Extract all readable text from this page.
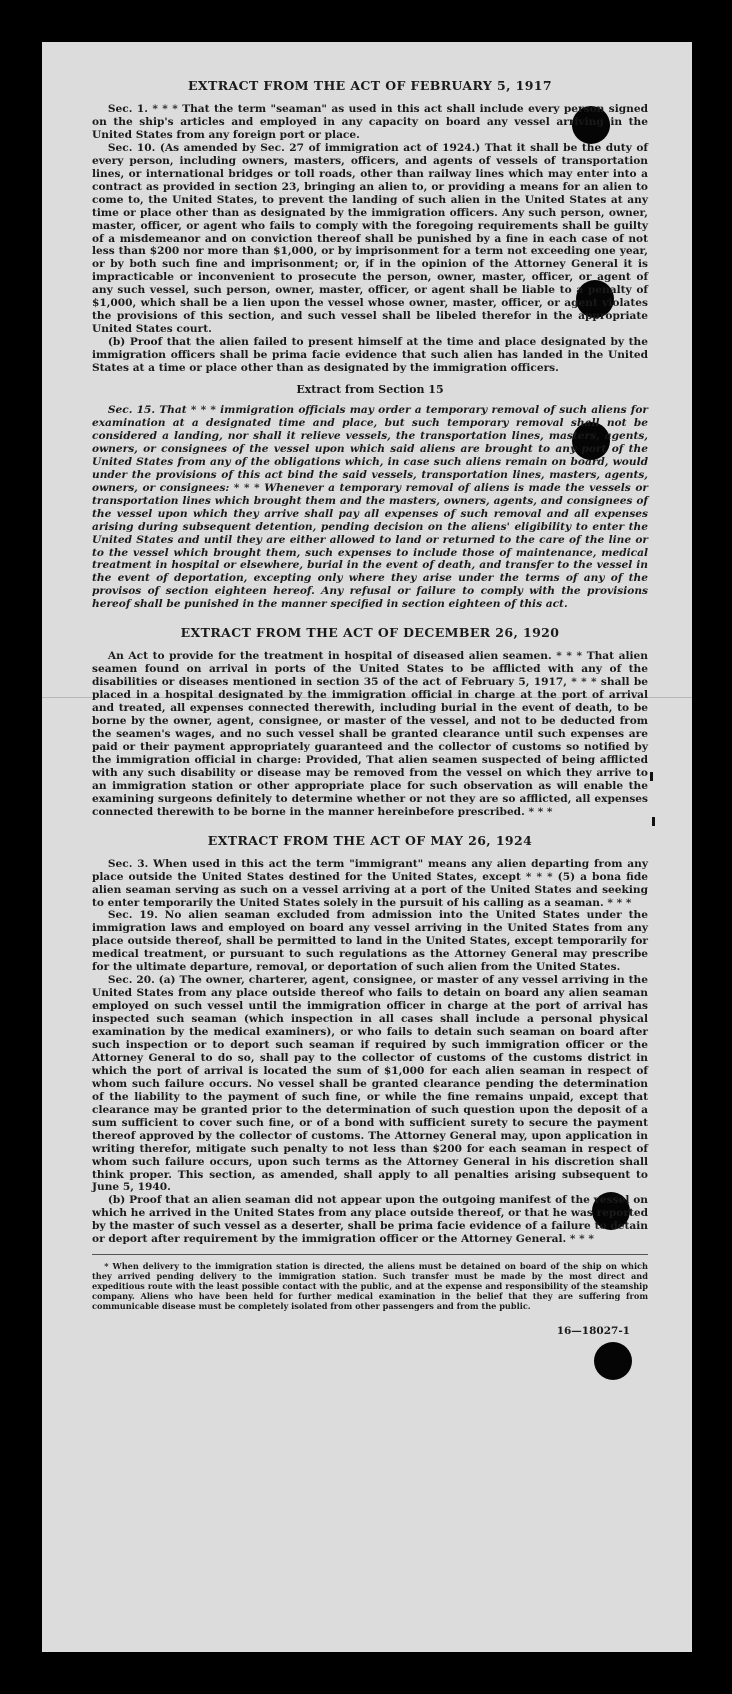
EXTRACT FROM THE ACT OF FEBRUARY 5, 1917

Sec. 1. * * * That the term "seaman" as used in this act shall include every person signed on the ship's articles and employed in any capacity on board any vessel arriving in the United States from any foreign port or place.

Sec. 10. (As amended by Sec. 27 of immigration act of 1924.) That it shall be the duty of every person, including owners, masters, officers, and agents of vessels of transportation lines, or international bridges or toll roads, other than railway lines which may enter into a contract as provided in section 23, bringing an alien to, or providing a means for an alien to come to, the United States, to prevent the landing of such alien in the United States at any time or place other than as designated by the immigration officers. Any such person, owner, master, officer, or agent who fails to comply with the foregoing requirements shall be guilty of a misdemeanor and on conviction thereof shall be punished by a fine in each case of not less than $200 nor more than $1,000, or by imprisonment for a term not exceeding one year, or by both such fine and imprisonment; or, if in the opinion of the Attorney General it is impracticable or inconvenient to prosecute the person, owner, master, officer, or agent of any such vessel, such person, owner, master, officer, or agent shall be liable to a penalty of $1,000, which shall be a lien upon the vessel whose owner, master, officer, or agent violates the provisions of this section, and such vessel shall be libeled therefor in the appropriate United States court.

(b) Proof that the alien failed to present himself at the time and place designated by the immigration officers shall be prima facie evidence that such alien has landed in the United States at a time or place other than as designated by the immigration officers.

Extract from Section 15

Sec. 15. That * * * immigration officials may order a temporary removal of such aliens for examination at a designated time and place, but such temporary removal shall not be considered a landing, nor shall it relieve vessels, the transportation lines, masters, agents, owners, or consignees of the vessel upon which said aliens are brought to any port of the United States from any of the obligations which, in case such aliens remain on board, would under the provisions of this act bind the said vessels, transportation lines, masters, agents, owners, or consignees: * * * Whenever a temporary removal of aliens is made the vessels or transportation lines which brought them and the masters, owners, agents, and consignees of the vessel upon which they arrive shall pay all expenses of such removal and all expenses arising during subsequent detention, pending decision on the aliens' eligibility to enter the United States and until they are either allowed to land or returned to the care of the line or to the vessel which brought them, such expenses to include those of maintenance, medical treatment in hospital or elsewhere, burial in the event of death, and transfer to the vessel in the event of deportation, excepting only where they arise under the terms of any of the provisos of section eighteen hereof. Any refusal or failure to comply with the provisions hereof shall be punished in the manner specified in section eighteen of this act.

EXTRACT FROM THE ACT OF DECEMBER 26, 1920

An Act to provide for the treatment in hospital of diseased alien seamen. * * * That alien seamen found on arrival in ports of the United States to be afflicted with any of the disabilities or diseases mentioned in section 35 of the act of February 5, 1917, * * * shall be placed in a hospital designated by the immigration official in charge at the port of arrival and treated, all expenses connected therewith, including burial in the event of death, to be borne by the owner, agent, consignee, or master of the vessel, and not to be deducted from the seamen's wages, and no such vessel shall be granted clearance until such expenses are paid or their payment appropriately guaranteed and the collector of customs so notified by the immigration official in charge: Provided, That alien seamen suspected of being afflicted with any such disability or disease may be removed from the vessel on which they arrive to an immigration station or other appropriate place for such observation as will enable the examining surgeons definitely to determine whether or not they are so afflicted, all expenses connected therewith to be borne in the manner hereinbefore prescribed. * * *

EXTRACT FROM THE ACT OF MAY 26, 1924

Sec. 3. When used in this act the term "immigrant" means any alien departing from any place outside the United States destined for the United States, except * * * (5) a bona fide alien seaman serving as such on a vessel arriving at a port of the United States and seeking to enter temporarily the United States solely in the pursuit of his calling as a seaman. * * *

Sec. 19. No alien seaman excluded from admission into the United States under the immigration laws and employed on board any vessel arriving in the United States from any place outside thereof, shall be permitted to land in the United States, except temporarily for medical treatment, or pursuant to such regulations as the Attorney General may prescribe for the ultimate departure, removal, or deportation of such alien from the United States.

Sec. 20. (a) The owner, charterer, agent, consignee, or master of any vessel arriving in the United States from any place outside thereof who fails to detain on board any alien seaman employed on such vessel until the immigration officer in charge at the port of arrival has inspected such seaman (which inspection in all cases shall include a personal physical examination by the medical examiners), or who fails to detain such seaman on board after such inspection or to deport such seaman if required by such immigration officer or the Attorney General to do so, shall pay to the collector of customs of the customs district in which the port of arrival is located the sum of $1,000 for each alien seaman in respect of whom such failure occurs. No vessel shall be granted clearance pending the determination of the liability to the payment of such fine, or while the fine remains unpaid, except that clearance may be granted prior to the determination of such question upon the deposit of a sum sufficient to cover such fine, or of a bond with sufficient surety to secure the payment thereof approved by the collector of customs. The Attorney General may, upon application in writing therefor, mitigate such penalty to not less than $200 for each seaman in respect of whom such failure occurs, upon such terms as the Attorney General in his discretion shall think proper. This section, as amended, shall apply to all penalties arising subsequent to June 5, 1940.

(b) Proof that an alien seaman did not appear upon the outgoing manifest of the vessel on which he arrived in the United States from any place outside thereof, or that he was reported by the master of such vessel as a deserter, shall be prima facie evidence of a failure to detain or deport after requirement by the immigration officer or the Attorney General. * * *

* When delivery to the immigration station is directed, the aliens must be detained on board of the ship on which they arrived pending delivery to the immigration station. Such transfer must be made by the most direct and expeditious route with the least possible contact with the public, and at the expense and responsibility of the steamship company. Aliens who have been held for further medical examination in the belief that they are suffering from communicable disease must be completely isolated from other passengers and from the public.
16—18027-1
